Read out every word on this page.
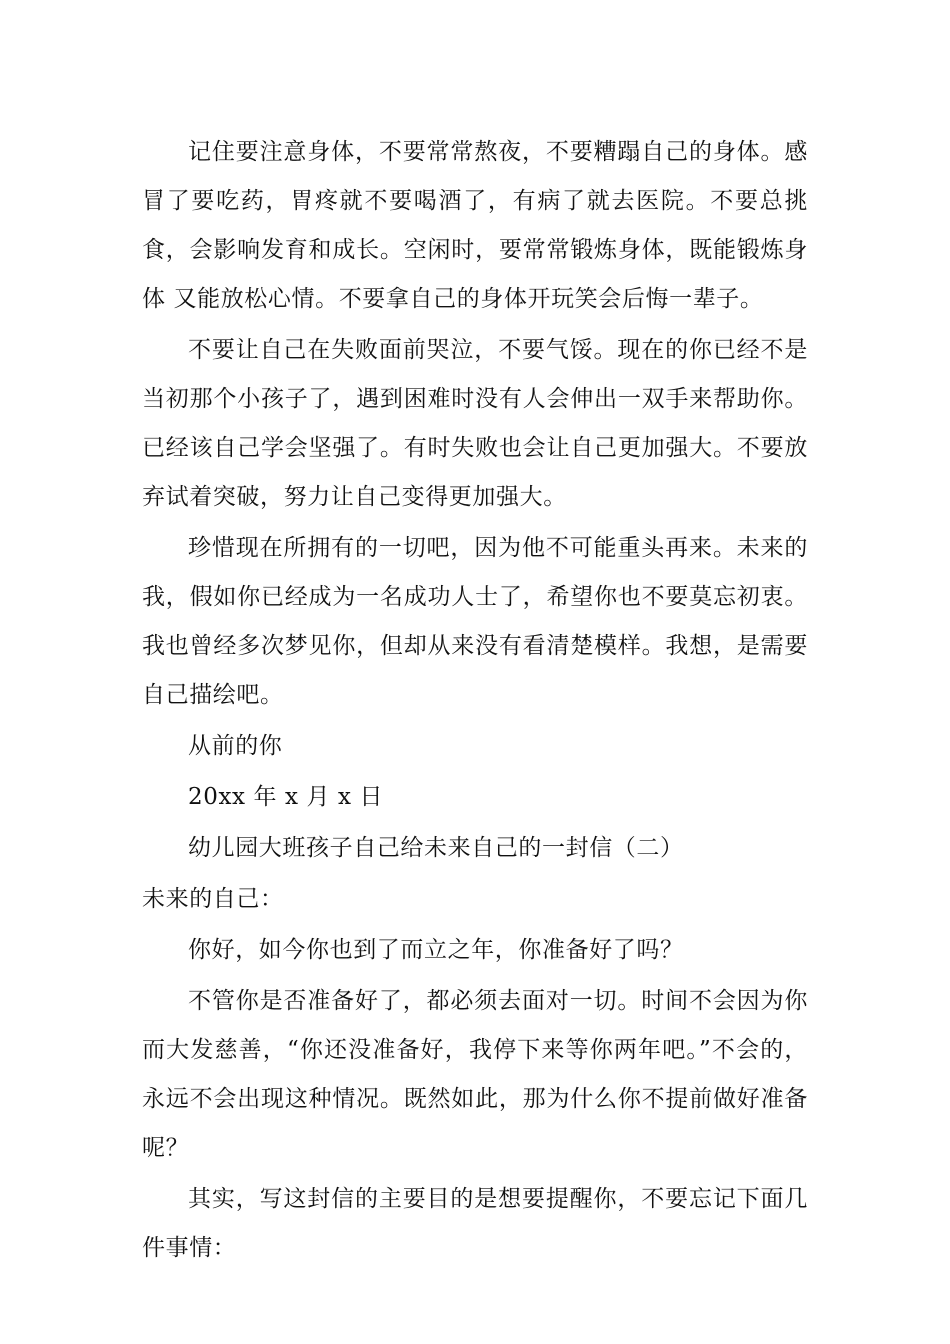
记住要注意身体，不要常常熬夜，不要糟蹋自己的身体。感冒了要吃药，胃疼就不要喝酒了，有病了就去医院。不要总挑食，会影响发育和成长。空闲时，要常常锻炼身体，既能锻炼身体 又能放松心情。不要拿自己的身体开玩笑会后悔一辈子。

不要让自己在失败面前哭泣，不要气馁。现在的你已经不是当初那个小孩子了，遇到困难时没有人会伸出一双手来帮助你。已经该自己学会坚强了。有时失败也会让自己更加强大。不要放弃试着突破，努力让自己变得更加强大。

珍惜现在所拥有的一切吧，因为他不可能重头再来。未来的我，假如你已经成为一名成功人士了，希望你也不要莫忘初衷。我也曾经多次梦见你，但却从来没有看清楚模样。我想，是需要自己描绘吧。

从前的你

20xx 年 x 月 x 日

幼儿园大班孩子自己给未来自己的一封信（二）

未来的自己：

你好，如今你也到了而立之年，你准备好了吗？

不管你是否准备好了，都必须去面对一切。时间不会因为你而大发慈善，“你还没准备好，我停下来等你两年吧。”不会的，永远不会出现这种情况。既然如此，那为什么你不提前做好准备呢？

其实，写这封信的主要目的是想要提醒你，不要忘记下面几件事情：
